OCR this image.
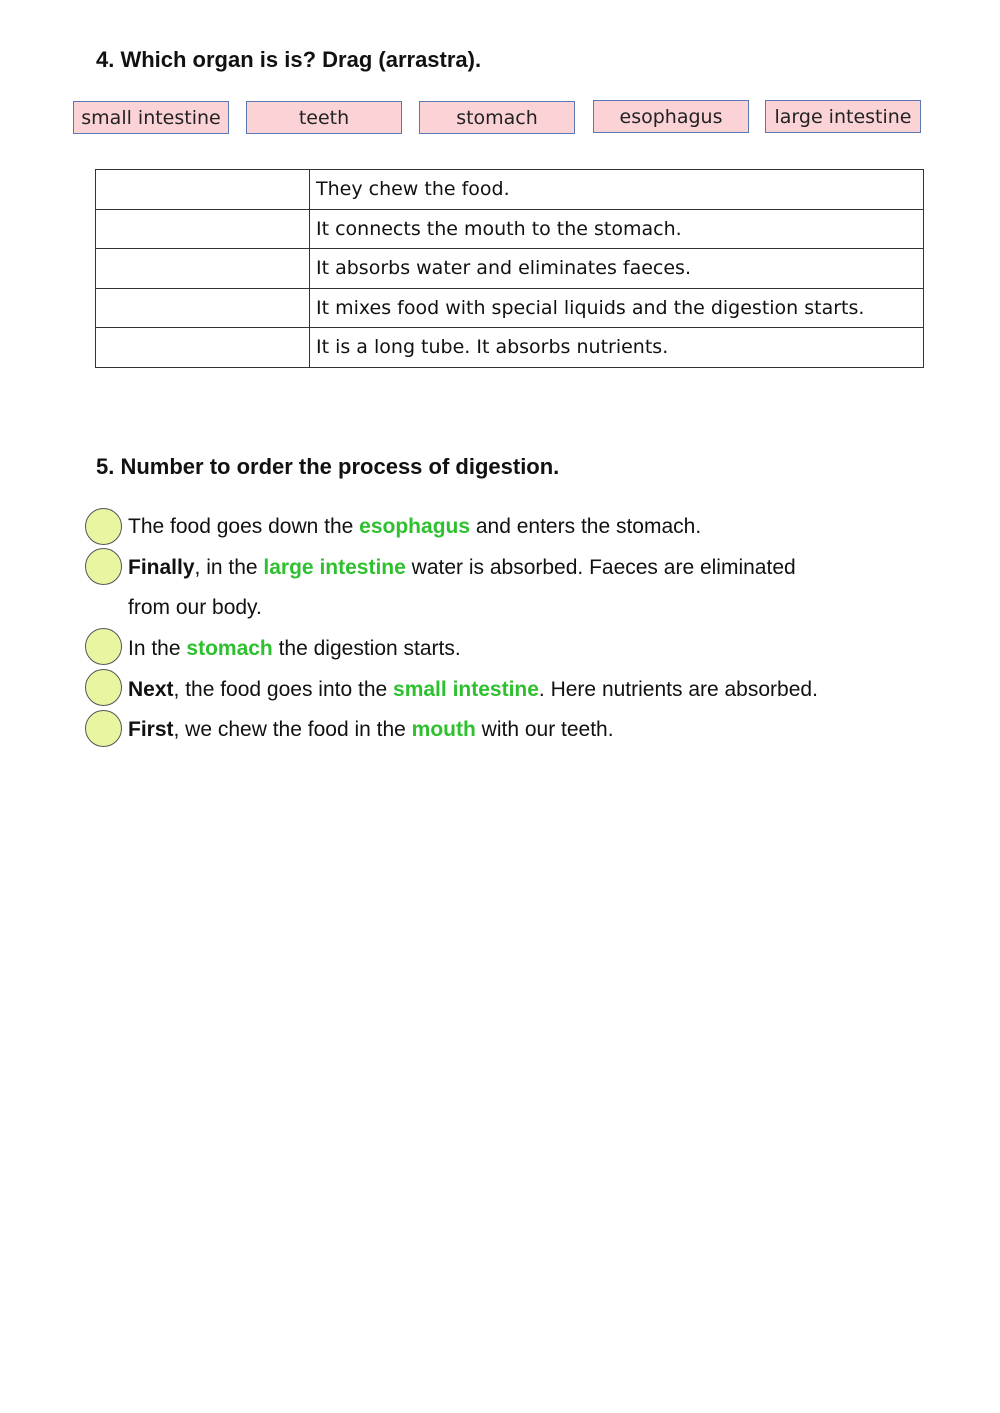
4. Which organ is is? Drag (arrastra).
small intestine	teeth	stomach	esophagus	large intestine
	They chew the food.
	It connects the mouth to the stomach.
	It absorbs water and eliminates faeces.
	It mixes food with special liquids and the digestion starts.
	It is a long tube. It absorbs nutrients.
5. Number to order the process of digestion.
The food goes down the esophagus and enters the stomach.
Finally, in the large intestine water is absorbed. Faeces are eliminated
from our body.
In the stomach the digestion starts.
Next, the food goes into the small intestine. Here nutrients are absorbed.
First, we chew the food in the mouth with our teeth.
